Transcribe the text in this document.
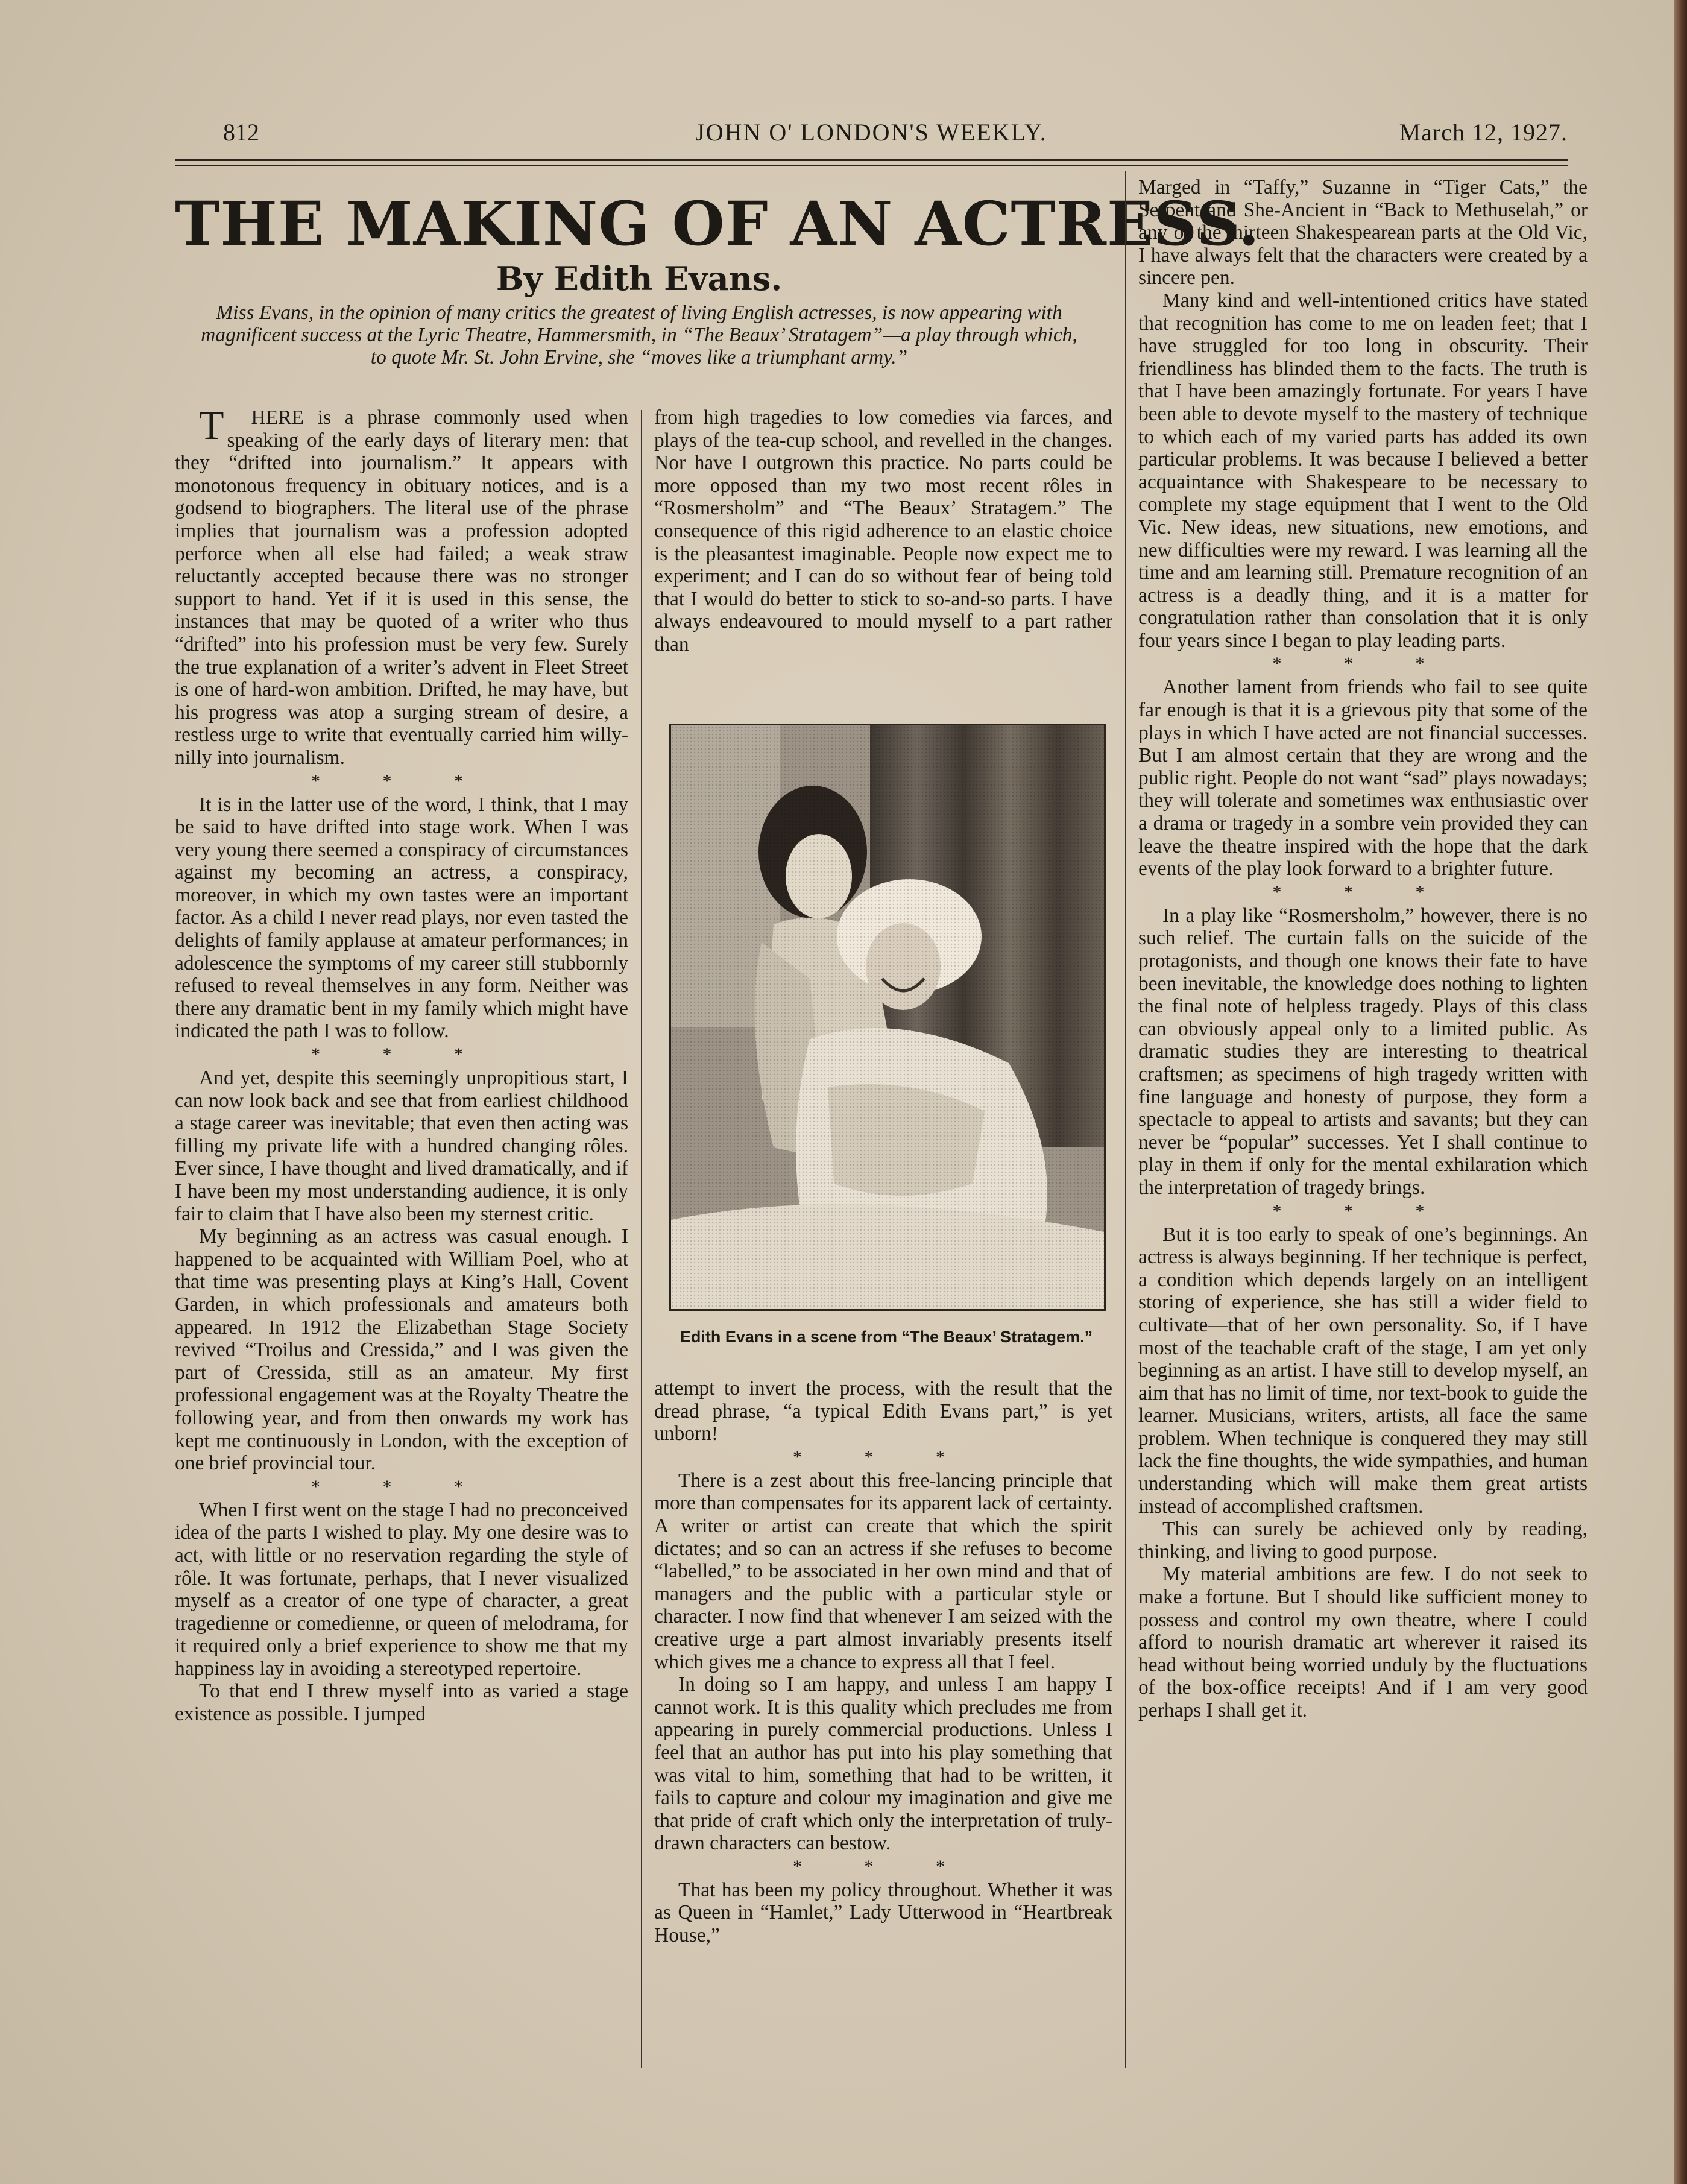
812	JOHN O' LONDON'S WEEKLY.	March 12, 1927.
THE MAKING OF AN ACTRESS.
By Edith Evans.
Miss Evans, in the opinion of many critics the greatest of living English actresses, is now appearing with magnificent success at the Lyric Theatre, Hammersmith, in “The Beaux’ Stratagem”—a play through which, to quote Mr. St. John Ervine, she “moves like a triumphant army.”

THERE is a phrase commonly used when speaking of the early days of literary men: that they “drifted into journalism.” It appears with monotonous frequency in obituary notices, and is a godsend to biographers. The literal use of the phrase implies that journalism was a profession adopted perforce when all else had failed; a weak straw reluctantly accepted because there was no stronger support to hand. Yet if it is used in this sense, the instances that may be quoted of a writer who thus “drifted” into his profession must be very few. Surely the true explanation of a writer’s advent in Fleet Street is one of hard-won ambition. Drifted, he may have, but his progress was atop a surging stream of desire, a restless urge to write that eventually carried him willy-nilly into journalism.

* * *

It is in the latter use of the word, I think, that I may be said to have drifted into stage work. When I was very young there seemed a conspiracy of circumstances against my becoming an actress, a conspiracy, moreover, in which my own tastes were an important factor. As a child I never read plays, nor even tasted the delights of family applause at amateur performances; in adolescence the symptoms of my career still stubbornly refused to reveal themselves in any form. Neither was there any dramatic bent in my family which might have indicated the path I was to follow.

* * *

And yet, despite this seemingly unpropitious start, I can now look back and see that from earliest childhood a stage career was inevitable; that even then acting was filling my private life with a hundred changing rôles. Ever since, I have thought and lived dramatically, and if I have been my most understanding audience, it is only fair to claim that I have also been my sternest critic.

My beginning as an actress was casual enough. I happened to be acquainted with William Poel, who at that time was presenting plays at King’s Hall, Covent Garden, in which professionals and amateurs both appeared. In 1912 the Elizabethan Stage Society revived “Troilus and Cressida,” and I was given the part of Cressida, still as an amateur. My first professional engagement was at the Royalty Theatre the following year, and from then onwards my work has kept me continuously in London, with the exception of one brief provincial tour.

* * *

When I first went on the stage I had no preconceived idea of the parts I wished to play. My one desire was to act, with little or no reservation regarding the style of rôle. It was fortunate, perhaps, that I never visualized myself as a creator of one type of character, a great tragedienne or comedienne, or queen of melodrama, for it required only a brief experience to show me that my happiness lay in avoiding a stereotyped repertoire.

To that end I threw myself into as varied a stage existence as possible. I jumped

from high tragedies to low comedies via farces, and plays of the tea-cup school, and revelled in the changes. Nor have I outgrown this practice. No parts could be more opposed than my two most recent rôles in “Rosmersholm” and “The Beaux’ Stratagem.” The consequence of this rigid adherence to an elastic choice is the pleasantest imaginable. People now expect me to experiment; and I can do so without fear of being told that I would do better to stick to so-and-so parts. I have always endeavoured to mould myself to a part rather than

Edith Evans in a scene from “The Beaux’ Stratagem.”

attempt to invert the process, with the result that the dread phrase, “a typical Edith Evans part,” is yet unborn!

* * *

There is a zest about this free-lancing principle that more than compensates for its apparent lack of certainty. A writer or artist can create that which the spirit dictates; and so can an actress if she refuses to become “labelled,” to be associated in her own mind and that of managers and the public with a particular style or character. I now find that whenever I am seized with the creative urge a part almost invariably presents itself which gives me a chance to express all that I feel.

In doing so I am happy, and unless I am happy I cannot work. It is this quality which precludes me from appearing in purely commercial productions. Unless I feel that an author has put into his play something that was vital to him, something that had to be written, it fails to capture and colour my imagination and give me that pride of craft which only the interpretation of truly-drawn characters can bestow.

* * *

That has been my policy throughout. Whether it was as Queen in “Hamlet,” Lady Utterwood in “Heartbreak House,”

Marged in “Taffy,” Suzanne in “Tiger Cats,” the Serpent and She-Ancient in “Back to Methuselah,” or any of the thirteen Shakespearean parts at the Old Vic, I have always felt that the characters were created by a sincere pen.

Many kind and well-intentioned critics have stated that recognition has come to me on leaden feet; that I have struggled for too long in obscurity. Their friendliness has blinded them to the facts. The truth is that I have been amazingly fortunate. For years I have been able to devote myself to the mastery of technique to which each of my varied parts has added its own particular problems. It was because I believed a better acquaintance with Shakespeare to be necessary to complete my stage equipment that I went to the Old Vic. New ideas, new situations, new emotions, and new difficulties were my reward. I was learning all the time and am learning still. Premature recognition of an actress is a deadly thing, and it is a matter for congratulation rather than consolation that it is only four years since I began to play leading parts.

* * *

Another lament from friends who fail to see quite far enough is that it is a grievous pity that some of the plays in which I have acted are not financial successes. But I am almost certain that they are wrong and the public right. People do not want “sad” plays nowadays; they will tolerate and sometimes wax enthusiastic over a drama or tragedy in a sombre vein provided they can leave the theatre inspired with the hope that the dark events of the play look forward to a brighter future.

* * *

In a play like “Rosmersholm,” however, there is no such relief. The curtain falls on the suicide of the protagonists, and though one knows their fate to have been inevitable, the knowledge does nothing to lighten the final note of helpless tragedy. Plays of this class can obviously appeal only to a limited public. As dramatic studies they are interesting to theatrical craftsmen; as specimens of high tragedy written with fine language and honesty of purpose, they form a spectacle to appeal to artists and savants; but they can never be “popular” successes. Yet I shall continue to play in them if only for the mental exhilaration which the interpretation of tragedy brings.

* * *

But it is too early to speak of one’s beginnings. An actress is always beginning. If her technique is perfect, a condition which depends largely on an intelligent storing of experience, she has still a wider field to cultivate—that of her own personality. So, if I have most of the teachable craft of the stage, I am yet only beginning as an artist. I have still to develop myself, an aim that has no limit of time, nor text-book to guide the learner. Musicians, writers, artists, all face the same problem. When technique is conquered they may still lack the fine thoughts, the wide sympathies, and human understanding which will make them great artists instead of accomplished craftsmen.

This can surely be achieved only by reading, thinking, and living to good purpose.

My material ambitions are few. I do not seek to make a fortune. But I should like sufficient money to possess and control my own theatre, where I could afford to nourish dramatic art wherever it raised its head without being worried unduly by the fluctuations of the box-office receipts! And if I am very good perhaps I shall get it.
